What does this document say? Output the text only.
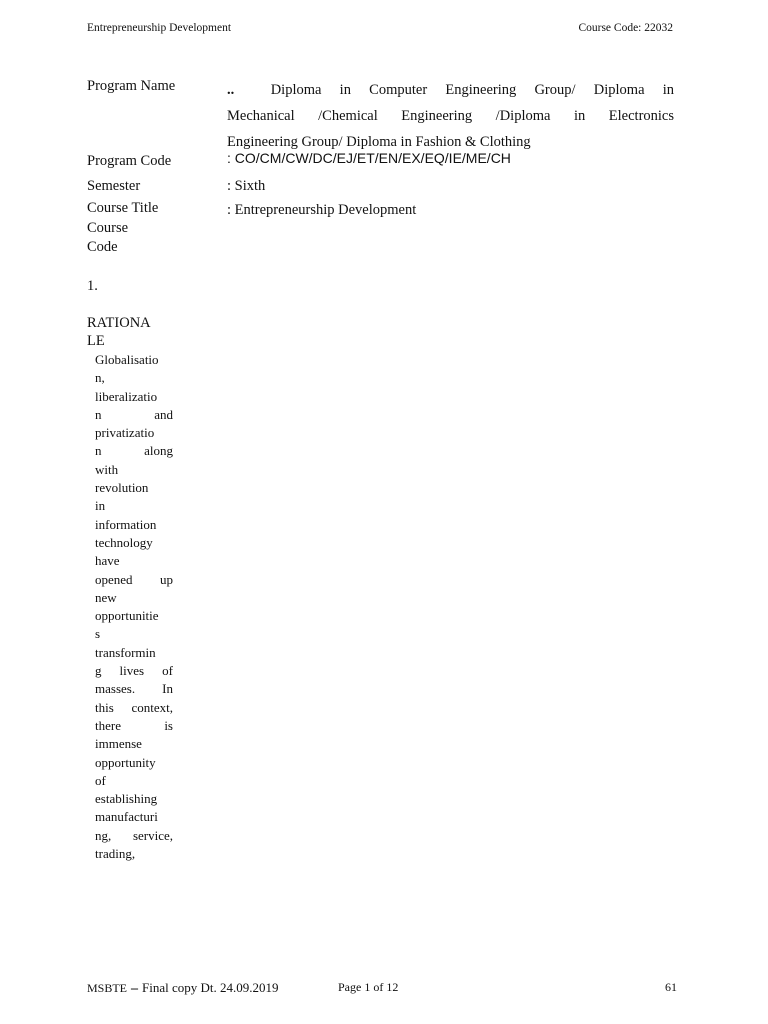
Entrepreneurship Development	Course Code: 22032
Program Name	..	Diploma in Computer Engineering Group/ Diploma in
Mechanical /Chemical Engineering /Diploma in Electronics
Engineering Group/ Diploma in Fashion & Clothing
Program Code	: CO/CM/CW/DC/EJ/ET/EN/EX/EQ/IE/ME/CH
Semester	: Sixth
Course Title	: Entrepreneurship Development
Course
Code
1.
RATIONA
LE
Globalisatio
n,
liberalizatio
n and
privatizatio
n along
with
revolution
in
information
technology
have
opened up
new
opportunitie
s
transformin
g lives of
masses. In
this context,
there is
immense
opportunity
of
establishing
manufacturi
ng, service,
trading,
MSBTE – Final copy Dt. 24.09.2019	Page 1 of 12	61
